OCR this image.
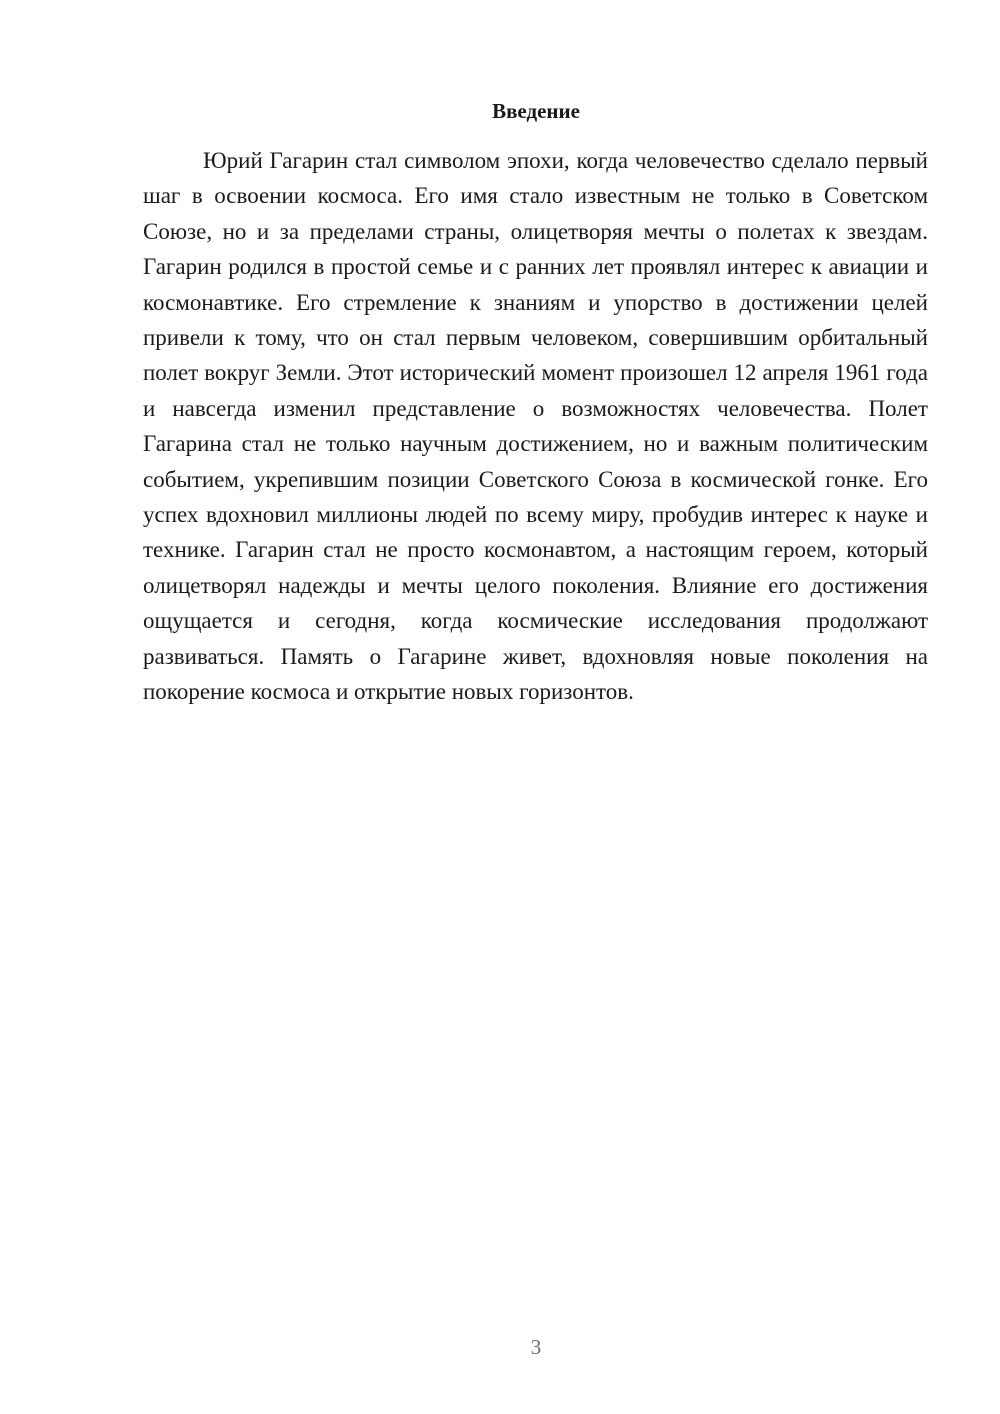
Введение

Юрий Гагарин стал символом эпохи, когда человечество сделало первый шаг в освоении космоса. Его имя стало известным не только в Советском Союзе, но и за пределами страны, олицетворяя мечты о полетах к звездам. Гагарин родился в простой семье и с ранних лет проявлял интерес к авиации и космонавтике. Его стремление к знаниям и упорство в достижении целей привели к тому, что он стал первым человеком, совершившим орбитальный полет вокруг Земли. Этот исторический момент произошел 12 апреля 1961 года и навсегда изменил представление о возможностях человечества. Полет Гагарина стал не только научным достижением, но и важным политическим событием, укрепившим позиции Советского Союза в космической гонке. Его успех вдохновил миллионы людей по всему миру, пробудив интерес к науке и технике. Гагарин стал не просто космонавтом, а настоящим героем, который олицетворял надежды и мечты целого поколения. Влияние его достижения ощущается и сегодня, когда космические исследования продолжают развиваться. Память о Гагарине живет, вдохновляя новые поколения на покорение космоса и открытие новых горизонтов.

3
